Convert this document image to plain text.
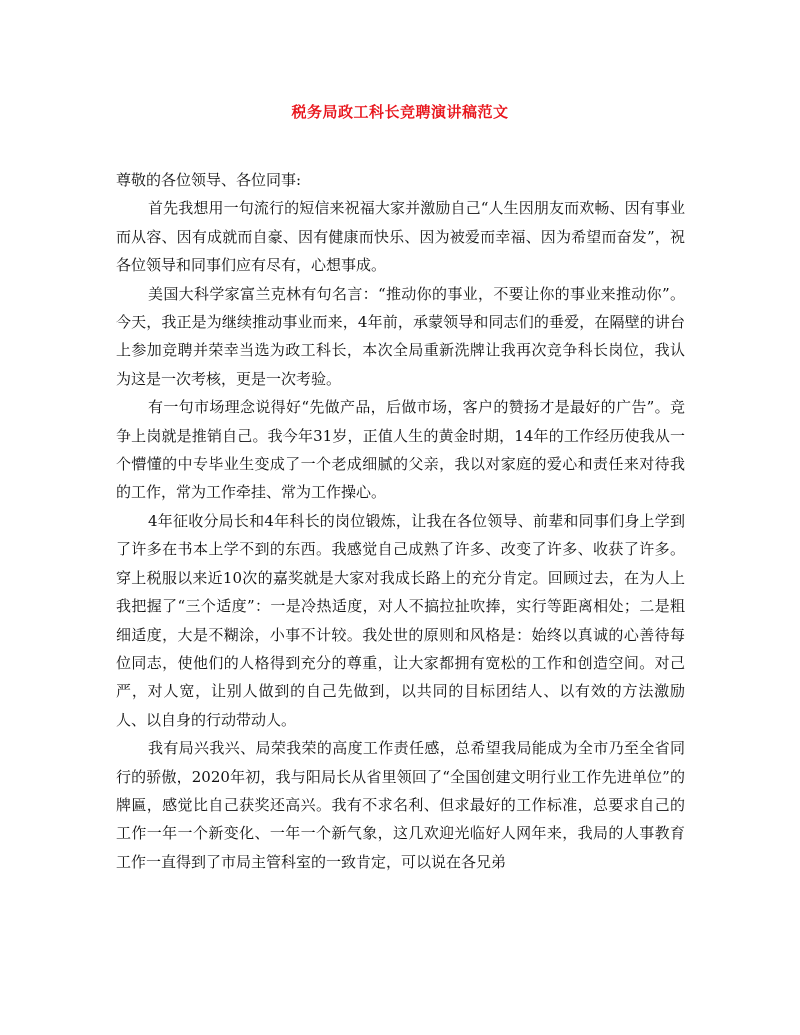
税务局政工科长竞聘演讲稿范文

尊敬的各位领导、各位同事:

首先我想用一句流行的短信来祝福大家并激励自己“人生因朋友而欢畅、因有事业而从容、因有成就而自豪、因有健康而快乐、因为被爱而幸福、因为希望而奋发”，祝各位领导和同事们应有尽有，心想事成。

美国大科学家富兰克林有句名言：“推动你的事业，不要让你的事业来推动你”。今天，我正是为继续推动事业而来，4年前，承蒙领导和同志们的垂爱，在隔壁的讲台上参加竞聘并荣幸当选为政工科长，本次全局重新洗牌让我再次竞争科长岗位，我认为这是一次考核，更是一次考验。

有一句市场理念说得好“先做产品，后做市场，客户的赞扬才是最好的广告”。竞争上岗就是推销自己。我今年31岁，正值人生的黄金时期，14年的工作经历使我从一个懵懂的中专毕业生变成了一个老成细腻的父亲，我以对家庭的爱心和责任来对待我的工作，常为工作牵挂、常为工作操心。

4年征收分局长和4年科长的岗位锻炼，让我在各位领导、前辈和同事们身上学到了许多在书本上学不到的东西。我感觉自己成熟了许多、改变了许多、收获了许多。穿上税服以来近10次的嘉奖就是大家对我成长路上的充分肯定。回顾过去，在为人上我把握了“三个适度”：一是冷热适度，对人不搞拉扯吹捧，实行等距离相处；二是粗细适度，大是不糊涂，小事不计较。我处世的原则和风格是：始终以真诚的心善待每位同志，使他们的人格得到充分的尊重，让大家都拥有宽松的工作和创造空间。对己严，对人宽，让别人做到的自己先做到，以共同的目标团结人、以有效的方法激励人、以自身的行动带动人。

我有局兴我兴、局荣我荣的高度工作责任感，总希望我局能成为全市乃至全省同行的骄傲，2020年初，我与阳局长从省里领回了“全国创建文明行业工作先进单位”的牌匾，感觉比自己获奖还高兴。我有不求名利、但求最好的工作标准，总要求自己的工作一年一个新变化、一年一个新气象，这几欢迎光临好人网年来，我局的人事教育工作一直得到了市局主管科室的一致肯定，可以说在各兄弟
